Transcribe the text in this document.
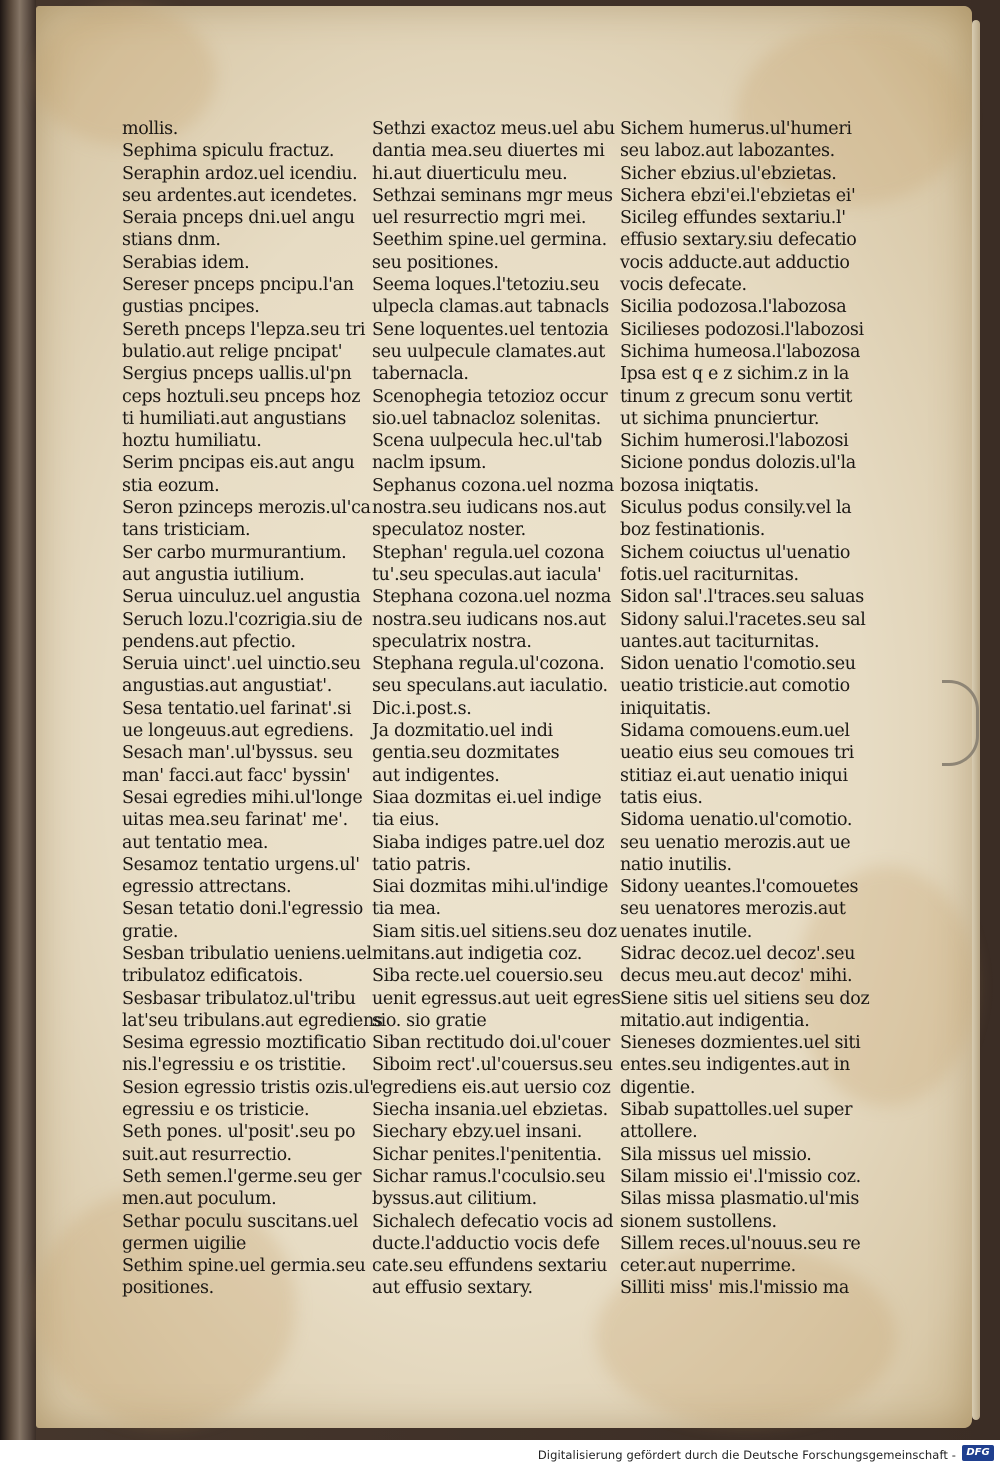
mollis.
Sephima spiculu fractuz.
Seraphin ardoz.uel icendiu.
seu ardentes.aut icendetes.
Seraia pnceps dni.uel angu
stians dnm.
Serabias idem.
Sereser pnceps pncipu.l'an
gustias pncipes.
Sereth pnceps l'lepza.seu tri
bulatio.aut relige pncipat'
Sergius pnceps uallis.ul'pn
ceps hoztuli.seu pnceps hoz
ti humiliati.aut angustians
hoztu humiliatu.
Serim pncipas eis.aut angu
stia eozum.
Seron pzinceps merozis.ul'ca
tans tristiciam.
Ser carbo murmurantium.
aut angustia iutilium.
Serua uinculuz.uel angustia
Seruch lozu.l'cozrigia.siu de
pendens.aut pfectio.
Seruia uinct'.uel uinctio.seu
angustias.aut angustiat'.
Sesa tentatio.uel farinat'.si
ue longeuus.aut egrediens.
Sesach man'.ul'byssus. seu
man' facci.aut facc' byssin'
Sesai egredies mihi.ul'longe
uitas mea.seu farinat' me'.
aut tentatio mea.
Sesamoz tentatio urgens.ul'
egressio attrectans.
Sesan tetatio doni.l'egressio
gratie.
Sesban tribulatio ueniens.uel
tribulatoz edificatois.
Sesbasar tribulatoz.ul'tribu
lat'seu tribulans.aut egrediens
Sesima egressio moztificatio
nis.l'egressiu e os tristitie.
Sesion egressio tristis ozis.ul'
egressiu e os tristicie.
Seth pones. ul'posit'.seu po
suit.aut resurrectio.
Seth semen.l'germe.seu ger
men.aut poculum.
Sethar poculu suscitans.uel
germen uigilie
Sethim spine.uel germia.seu
positiones.
Sethzi exactoz meus.uel abu
dantia mea.seu diuertes mi
hi.aut diuerticulu meu.
Sethzai seminans mgr meus
uel resurrectio mgri mei.
Seethim spine.uel germina.
seu positiones.
Seema loques.l'tetoziu.seu
ulpecla clamas.aut tabnacls
Sene loquentes.uel tentozia
seu uulpecule clamates.aut
tabernacla.
Scenophegia tetozioz occur
sio.uel tabnacloz solenitas.
Scena uulpecula hec.ul'tab
naclm ipsum.
Sephanus cozona.uel nozma
nostra.seu iudicans nos.aut
speculatoz noster.
Stephan' regula.uel cozona
tu'.seu speculas.aut iacula'
Stephana cozona.uel nozma
nostra.seu iudicans nos.aut
speculatrix nostra.
Stephana regula.ul'cozona.
seu speculans.aut iaculatio.
Dic.i.post.s.
Ja dozmitatio.uel indi
gentia.seu dozmitates
aut indigentes.
Siaa dozmitas ei.uel indige
tia eius.
Siaba indiges patre.uel doz
tatio patris.
Siai dozmitas mihi.ul'indige
tia mea.
Siam sitis.uel sitiens.seu doz
mitans.aut indigetia coz.
Siba recte.uel couersio.seu
uenit egressus.aut ueit egres
sio. sio gratie
Siban rectitudo doi.ul'couer
Siboim rect'.ul'couersus.seu
egrediens eis.aut uersio coz
Siecha insania.uel ebzietas.
Siechary ebzy.uel insani.
Sichar penites.l'penitentia.
Sichar ramus.l'coculsio.seu
byssus.aut cilitium.
Sichalech defecatio vocis ad
ducte.l'adductio vocis defe
cate.seu effundens sextariu
aut effusio sextary.
Sichem humerus.ul'humeri
seu laboz.aut labozantes.
Sicher ebzius.ul'ebzietas.
Sichera ebzi'ei.l'ebzietas ei'
Sicileg effundes sextariu.l'
effusio sextary.siu defecatio
vocis adducte.aut adductio
vocis defecate.
Sicilia podozosa.l'labozosa
Sicilieses podozosi.l'labozosi
Sichima humeosa.l'labozosa
Ipsa est q e z sichim.z in la
tinum z grecum sonu vertit
ut sichima pnunciertur.
Sichim humerosi.l'labozosi
Sicione pondus dolozis.ul'la
bozosa iniqtatis.
Siculus podus consily.vel la
boz festinationis.
Sichem coiuctus ul'uenatio
fotis.uel raciturnitas.
Sidon sal'.l'traces.seu saluas
Sidony salui.l'racetes.seu sal
uantes.aut taciturnitas.
Sidon uenatio l'comotio.seu
ueatio tristicie.aut comotio
iniquitatis.
Sidama comouens.eum.uel
ueatio eius seu comoues tri
stitiaz ei.aut uenatio iniqui
tatis eius.
Sidoma uenatio.ul'comotio.
seu uenatio merozis.aut ue
natio inutilis.
Sidony ueantes.l'comouetes
seu uenatores merozis.aut
uenates inutile.
Sidrac decoz.uel decoz'.seu
decus meu.aut decoz' mihi.
Siene sitis uel sitiens seu doz
mitatio.aut indigentia.
Sieneses dozmientes.uel siti
entes.seu indigentes.aut in
digentie.
Sibab supattolles.uel super
attollere.
Sila missus uel missio.
Silam missio ei'.l'missio coz.
Silas missa plasmatio.ul'mis
sionem sustollens.
Sillem reces.ul'nouus.seu re
ceter.aut nuperrime.
Silliti miss' mis.l'missio ma
Digitalisierung gefördert durch die Deutsche Forschungsgemeinschaft -	DFG
